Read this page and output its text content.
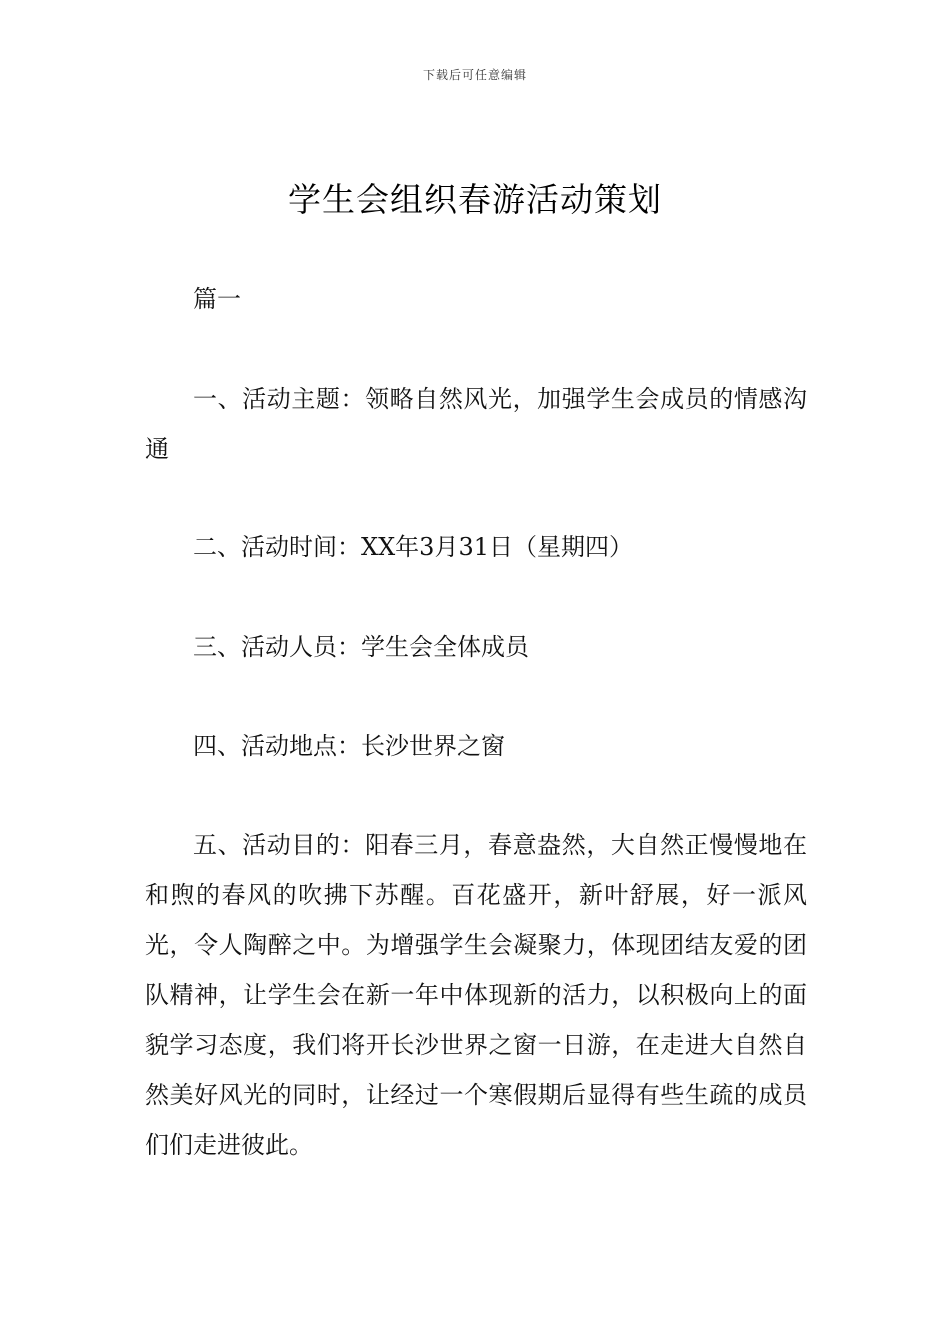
下载后可任意编辑
学生会组织春游活动策划

篇一

一、活动主题：领略自然风光，加强学生会成员的情感沟通

二、活动时间：XX年3月31日（星期四）

三、活动人员：学生会全体成员

四、活动地点：长沙世界之窗

五、活动目的：阳春三月，春意盎然，大自然正慢慢地在和煦的春风的吹拂下苏醒。百花盛开，新叶舒展，好一派风光，令人陶醉之中。为增强学生会凝聚力，体现团结友爱的团队精神，让学生会在新一年中体现新的活力，以积极向上的面貌学习态度，我们将开长沙世界之窗一日游，在走进大自然自然美好风光的同时，让经过一个寒假期后显得有些生疏的成员们们走进彼此。
